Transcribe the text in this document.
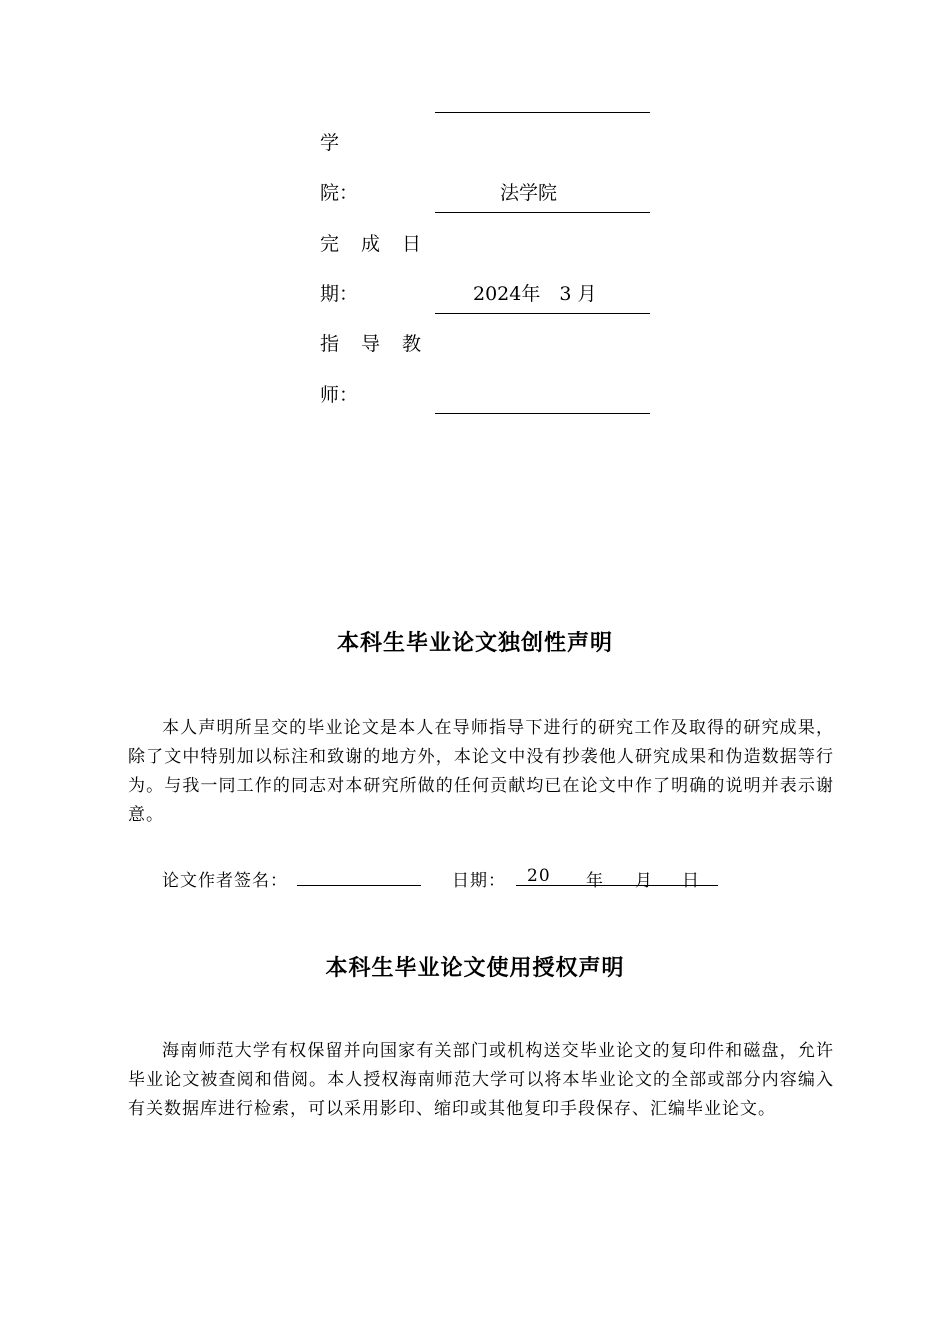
学
院：	法学院
完成日
期：	2024年　3 月
指导教
师：
本科生毕业论文独创性声明
本人声明所呈交的毕业论文是本人在导师指导下进行的研究工作及取得的研究成果，除了文中特别加以标注和致谢的地方外，本论文中没有抄袭他人研究成果和伪造数据等行为。与我一同工作的同志对本研究所做的任何贡献均已在论文中作了明确的说明并表示谢意。
论文作者签名：	日期： 20 年 月 日
本科生毕业论文使用授权声明
海南师范大学有权保留并向国家有关部门或机构送交毕业论文的复印件和磁盘，允许毕业论文被查阅和借阅。本人授权海南师范大学可以将本毕业论文的全部或部分内容编入有关数据库进行检索，可以采用影印、缩印或其他复印手段保存、汇编毕业论文。
